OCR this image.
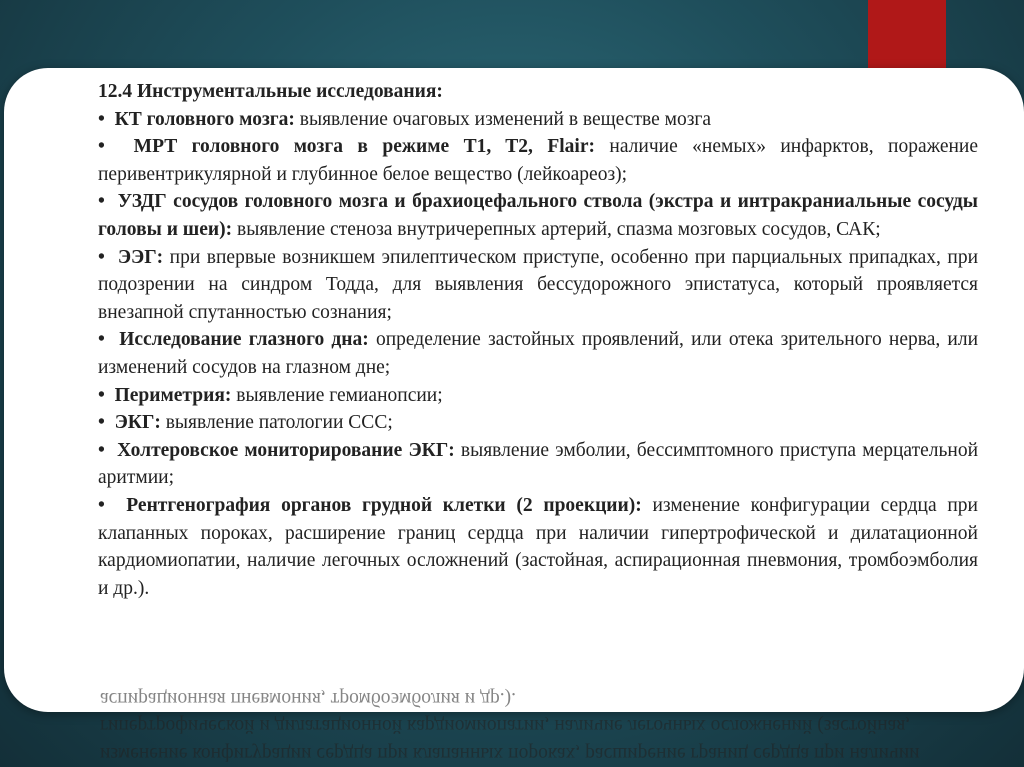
12.4 Инструментальные исследования:
• КТ головного мозга: выявление очаговых изменений в веществе мозга
• МРТ головного мозга в режиме T1, T2, Flair: наличие «немых» инфарктов, поражение перивентрикулярной и глубинное белое вещество (лейкоареоз);
• УЗДГ сосудов головного мозга и брахиоцефального ствола (экстра и интракраниальные сосуды головы и шеи): выявление стеноза внутричерепных артерий, спазма мозговых сосудов, САК;
• ЭЭГ: при впервые возникшем эпилептическом приступе, особенно при парциальных припадках, при подозрении на синдром Тодда, для выявления бессудорожного эпистатуса, который проявляется внезапной спутанностью сознания;
• Исследование глазного дна: определение застойных проявлений, или отека зрительного нерва, или изменений сосудов на глазном дне;
• Периметрия: выявление гемианопсии;
• ЭКГ: выявление патологии ССС;
• Холтеровское мониторирование ЭКГ: выявление эмболии, бессимптомного приступа мерцательной аритмии;
• Рентгенография органов грудной клетки (2 проекции): изменение конфигурации сердца при клапанных пороках, расширение границ сердца при наличии гипертрофической и дилатационной кардиомиопатии, наличие легочных осложнений (застойная, аспирационная пневмония, тромбоэмболия и др.).
изменение конфигурации сердца при клапанных пороках, расширение границ сердца при наличии гипертрофической и дилатационной кардиомиопатии, наличие легочных осложнений (застойная, аспирационная пневмония, тромбоэмболия и др.).
